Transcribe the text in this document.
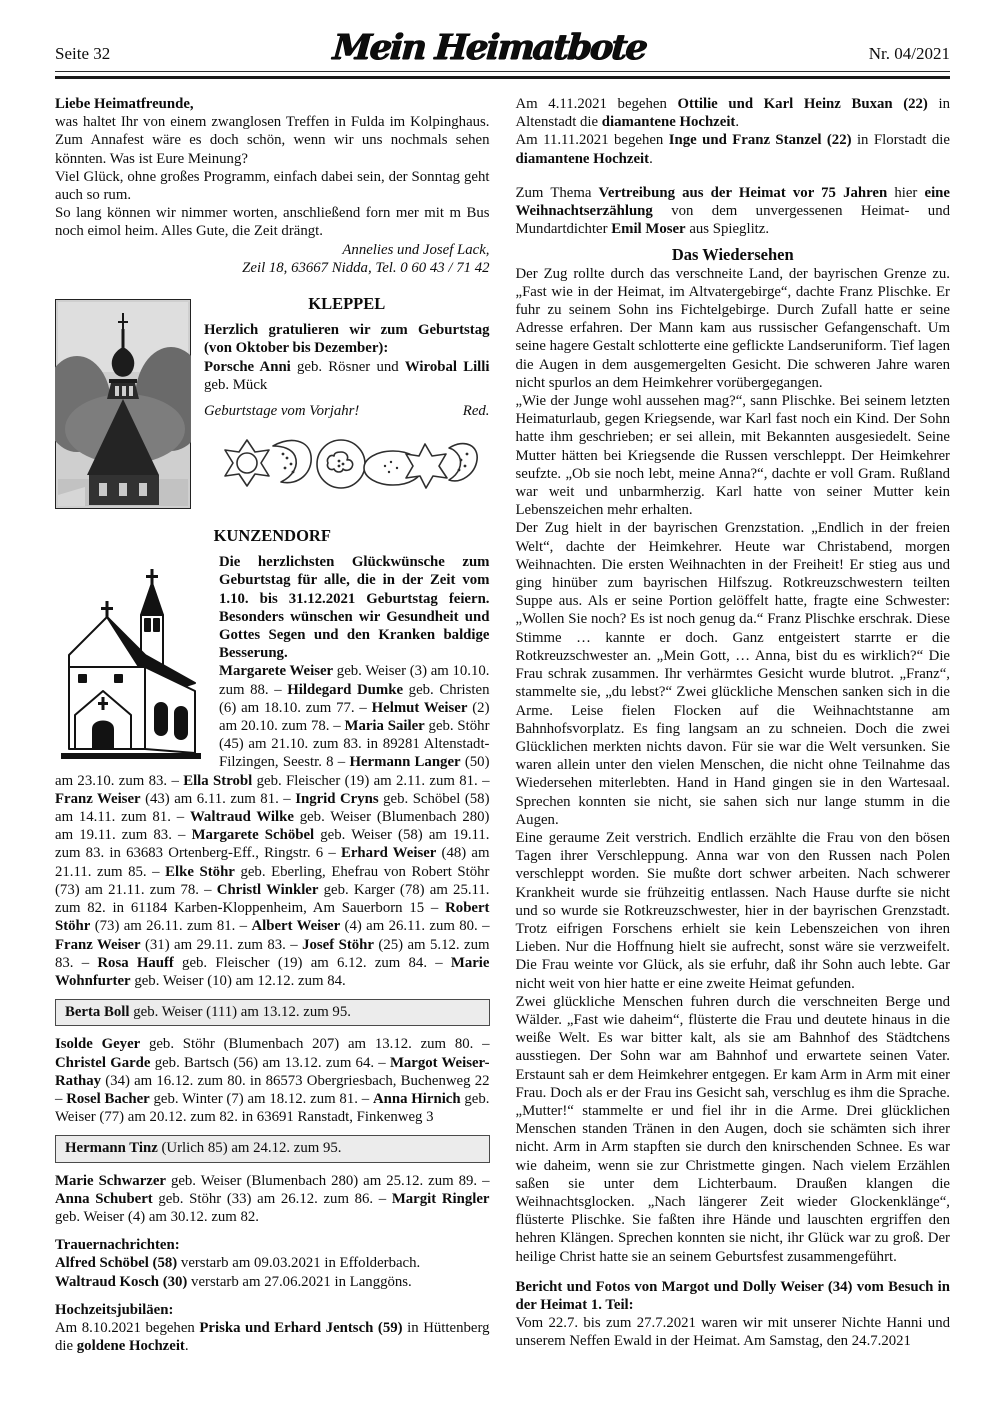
Seite 32	Mein Heimatbote	Nr. 04/2021

Liebe Heimatfreunde,

was haltet Ihr von einem zwanglosen Treffen in Fulda im Kolpinghaus. Zum Annafest wäre es doch schön, wenn wir uns nochmals sehen könnten. Was ist Eure Meinung?

Viel Glück, ohne großes Programm, einfach dabei sein, der Sonntag geht auch so rum.

So lang können wir nimmer worten, anschließend forn mer mit m Bus noch eimol heim. Alles Gute, die Zeit drängt.

Annelies und Josef Lack,

Zeil 18, 63667 Nidda, Tel. 0 60 43 / 71 42

KLEPPEL

Herzlich gratulieren wir zum Geburtstag (von Oktober bis Dezember):

Porsche Anni geb. Rösner und Wirobal Lilli geb. Mück

Geburtstage vom Vorjahr!	Red.

KUNZENDORF

Die herzlichsten Glückwünsche zum Geburtstag für alle, die in der Zeit vom 1.10. bis 31.12.2021 Geburtstag feiern. Besonders wünschen wir Gesundheit und Gottes Segen und den Kranken baldige Besserung.

Margarete Weiser geb. Weiser (3) am 10.10. zum 88. – Hildegard Dumke geb. Christen (6) am 18.10. zum 77. – Helmut Weiser (2) am 20.10. zum 78. – Maria Sailer geb. Stöhr (45) am 21.10. zum 83. in 89281 Altenstadt-Filzingen, Seestr. 8 – Hermann Langer (50) am 23.10. zum 83. – Ella Strobl geb. Fleischer (19) am 2.11. zum 81. – Franz Weiser (43) am 6.11. zum 81. – Ingrid Cryns geb. Schöbel (58) am 14.11. zum 81. – Waltraud Wilke geb. Weiser (Blumenbach 280) am 19.11. zum 83. – Margarete Schöbel geb. Weiser (58) am 19.11. zum 83. in 63683 Ortenberg-Eff., Ringstr. 6 – Erhard Weiser (48) am 21.11. zum 85. – Elke Stöhr geb. Eberling, Ehefrau von Robert Stöhr (73) am 21.11. zum 78. – Christl Winkler geb. Karger (78) am 25.11. zum 82. in 61184 Karben-Kloppenheim, Am Sauerborn 15 – Robert Stöhr (73) am 26.11. zum 81. – Albert Weiser (4) am 26.11. zum 80. – Franz Weiser (31) am 29.11. zum 83. – Josef Stöhr (25) am 5.12. zum 83. – Rosa Hauff geb. Fleischer (19) am 6.12. zum 84. – Marie Wohnfurter geb. Weiser (10) am 12.12. zum 84.

Berta Boll geb. Weiser (111) am 13.12. zum 95.

Isolde Geyer geb. Stöhr (Blumenbach 207) am 13.12. zum 80. – Christel Garde geb. Bartsch (56) am 13.12. zum 64. – Margot Weiser-Rathay (34) am 16.12. zum 80. in 86573 Obergriesbach, Buchenweg 22 – Rosel Bacher geb. Winter (7) am 18.12. zum 81. – Anna Hirnich geb. Weiser (77) am 20.12. zum 82. in 63691 Ranstadt, Finkenweg 3

Hermann Tinz (Urlich 85) am 24.12. zum 95.

Marie Schwarzer geb. Weiser (Blumenbach 280) am 25.12. zum 89. – Anna Schubert geb. Stöhr (33) am 26.12. zum 86. – Margit Ringler geb. Weiser (4) am 30.12. zum 82.

Trauernachrichten:

Alfred Schöbel (58) verstarb am 09.03.2021 in Effolderbach.

Waltraud Kosch (30) verstarb am 27.06.2021 in Langgöns.

Hochzeitsjubiläen:

Am 8.10.2021 begehen Priska und Erhard Jentsch (59) in Hüttenberg die goldene Hochzeit.

Am 4.11.2021 begehen Ottilie und Karl Heinz Buxan (22) in Altenstadt die diamantene Hochzeit.

Am 11.11.2021 begehen Inge und Franz Stanzel (22) in Florstadt die diamantene Hochzeit.

Zum Thema Vertreibung aus der Heimat vor 75 Jahren hier eine Weihnachtserzählung von dem unvergessenen Heimat- und Mundartdichter Emil Moser aus Spieglitz.

Das Wiedersehen

Der Zug rollte durch das verschneite Land, der bayrischen Grenze zu. „Fast wie in der Heimat, im Altvatergebirge“, dachte Franz Plischke. Er fuhr zu seinem Sohn ins Fichtelgebirge. Durch Zufall hatte er seine Adresse erfahren. Der Mann kam aus russischer Gefangenschaft. Um seine hagere Gestalt schlotterte eine geflickte Landseruniform. Tief lagen die Augen in dem ausgemergelten Gesicht. Die schweren Jahre waren nicht spurlos an dem Heimkehrer vorübergegangen.

„Wie der Junge wohl aussehen mag?“, sann Plischke. Bei seinem letzten Heimaturlaub, gegen Kriegsende, war Karl fast noch ein Kind. Der Sohn hatte ihm geschrieben; er sei allein, mit Bekannten ausgesiedelt. Seine Mutter hätten bei Kriegsende die Russen verschleppt. Der Heimkehrer seufzte. „Ob sie noch lebt, meine Anna?“, dachte er voll Gram. Rußland war weit und unbarmherzig. Karl hatte von seiner Mutter kein Lebenszeichen mehr erhalten.

Der Zug hielt in der bayrischen Grenzstation. „Endlich in der freien Welt“, dachte der Heimkehrer. Heute war Christabend, morgen Weihnachten. Die ersten Weihnachten in der Freiheit! Er stieg aus und ging hinüber zum bayrischen Hilfszug. Rotkreuzschwestern teilten Suppe aus. Als er seine Portion gelöffelt hatte, fragte eine Schwester: „Wollen Sie noch? Es ist noch genug da.“ Franz Plischke erschrak. Diese Stimme … kannte er doch. Ganz entgeistert starrte er die Rotkreuzschwester an. „Mein Gott, … Anna, bist du es wirklich?“ Die Frau schrak zusammen. Ihr verhärmtes Gesicht wurde blutrot. „Franz“, stammelte sie, „du lebst?“ Zwei glückliche Menschen sanken sich in die Arme. Leise fielen Flocken auf die Weihnachtstanne am Bahnhofsvorplatz. Es fing langsam an zu schneien. Doch die zwei Glücklichen merkten nichts davon. Für sie war die Welt versunken. Sie waren allein unter den vielen Menschen, die nicht ohne Teilnahme das Wiedersehen miterlebten. Hand in Hand gingen sie in den Wartesaal. Sprechen konnten sie nicht, sie sahen sich nur lange stumm in die Augen.

Eine geraume Zeit verstrich. Endlich erzählte die Frau von den bösen Tagen ihrer Verschleppung. Anna war von den Russen nach Polen verschleppt worden. Sie mußte dort schwer arbeiten. Nach schwerer Krankheit wurde sie frühzeitig entlassen. Nach Hause durfte sie nicht und so wurde sie Rotkreuzschwester, hier in der bayrischen Grenzstadt. Trotz eifrigen Forschens erhielt sie kein Lebenszeichen von ihren Lieben. Nur die Hoffnung hielt sie aufrecht, sonst wäre sie verzweifelt. Die Frau weinte vor Glück, als sie erfuhr, daß ihr Sohn auch lebte. Gar nicht weit von hier hatte er eine zweite Heimat gefunden.

Zwei glückliche Menschen fuhren durch die verschneiten Berge und Wälder. „Fast wie daheim“, flüsterte die Frau und deutete hinaus in die weiße Welt. Es war bitter kalt, als sie am Bahnhof des Städtchens ausstiegen. Der Sohn war am Bahnhof und erwartete seinen Vater. Erstaunt sah er dem Heimkehrer entgegen. Er kam Arm in Arm mit einer Frau. Doch als er der Frau ins Gesicht sah, verschlug es ihm die Sprache. „Mutter!“ stammelte er und fiel ihr in die Arme. Drei glücklichen Menschen standen Tränen in den Augen, doch sie schämten sich ihrer nicht. Arm in Arm stapften sie durch den knirschenden Schnee. Es war wie daheim, wenn sie zur Christmette gingen. Nach vielem Erzählen saßen sie unter dem Lichterbaum. Draußen klangen die Weihnachtsglocken. „Nach längerer Zeit wieder Glockenklänge“, flüsterte Plischke. Sie faßten ihre Hände und lauschten ergriffen den hehren Klängen. Sprechen konnten sie nicht, ihr Glück war zu groß. Der heilige Christ hatte sie an seinem Geburtsfest zusammengeführt.

Bericht und Fotos von Margot und Dolly Weiser (34) vom Besuch in der Heimat 1. Teil:

Vom 22.7. bis zum 27.7.2021 waren wir mit unserer Nichte Hanni und unserem Neffen Ewald in der Heimat. Am Samstag, den 24.7.2021
